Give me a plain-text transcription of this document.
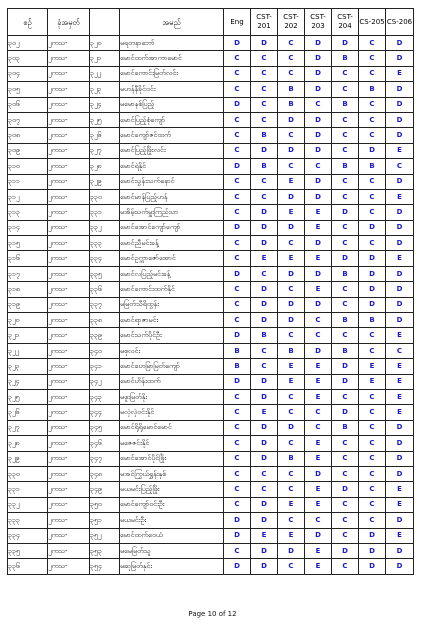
စဥ်	ခုံအမှတ်		အမည်	Eng	CST-201	CST-202	CST-203	CST-204	CS-205	CS-206
၃၀၂	၂ကသ-	၃၂၀	မရတနာဘော်	D	D	C	D	D	C	D
၃၀၃	၂ကသ-	၃၂၁	မောင်ထက်အာကာမောင်	C	C	C	D	B	C	D
၃၀၄	၂ကသ-	၃၂၂	မောင်ကောင်းမြတ်လင်း	C	C	C	D	C	C	E
၃၀၅	၂ကသ-	၃၂၃	မဟန်နီခိုင်ဝင်း	C	C	B	D	C	B	D
၃၀၆	၂ကသ-	၃၂၄	မမောနစ်ပြည့်	D	C	B	C	B	C	D
၃၀၇	၂ကသ-	၃၂၅	မောင်ပြည့်စုံကျော်	C	C	D	D	C	C	D
၃၀၈	၂ကသ-	၃၂၆	မောင်ကျော်ဇင်ထက်	C	B	C	D	C	C	D
၃၀၉	၂ကသ-	၃၂၇	မောင်ပြည့်ဖြိုးလင်း	C	D	D	D	C	D	E
၃၁၀	၂ကသ-	၃၂၈	မောင်ရဲနိုင်	D	B	C	C	B	B	C
၃၁၁	၂ကသ-	၃၂၉	မောင်သွန်းသက်နောင်	C	C	E	D	C	C	D
၃၁၂	၂ကသ-	၃၃၀	မောင်မာန်ပြည့်ဟန်	C	C	D	D	C	C	E
၃၁၃	၂ကသ-	၃၃၁	မအိမ့်သက်မှူးကြည်သာ	C	D	E	E	D	C	D
၃၁၄	၂ကသ-	၃၃၂	မောင်အောင်ကျော်ကျော်	D	D	D	E	C	D	D
၃၁၅	၂ကသ-	၃၃၃	မောင်ညီမင်းခန့်	C	D	C	D	C	C	D
၃၁၆	၂ကသ-	၃၃၄	မောင်ဥက္ကာဇော်အောင်	C	E	E	E	D	D	E
၃၁၇	၂ကသ-	၃၃၅	မောင်လပြည့်မင်းခန့်	D	C	D	D	B	D	D
၃၁၈	၂ကသ-	၃၃၆	မောင်ကောင်းထက်နိုင်	C	D	C	E	C	D	D
၃၁၉	၂ကသ-	၃၃၇	မမြတ်သီရိထွန်း	C	D	D	D	C	D	D
၃၂၀	၂ကသ-	၃၃၈	မောင်ရာဇာမင်း	C	D	D	C	B	B	D
၃၂၁	၂ကသ-	၃၃၉	မောင်သက်ပိုင်ဦး	D	B	C	C	C	C	E
၃၂၂	၂ကသ-	၃၄၀	မစုလင်း	B	C	B	D	B	C	C
၃၂၃	၂ကသ-	၃၄၁	မောင်ဟေမြာမြတ်ကျော်	B	C	E	E	D	E	E
၃၂၄	၂ကသ-	၃၄၂	မောင်ဟိန်းထက်	D	D	E	E	D	E	E
၃၂၅	၂ကသ-	၃၄၃	မဖူးမြတ်နိုး	C	D	C	E	C	C	E
၃၂၆	၂ကသ-	၃၄၄	မလှဲလှဲဝင်းနိုင်	C	E	C	C	D	C	E
၃၂၇	၂ကသ-	၃၄၅	မောင်ရိုရိုမောင်မောင်	C	D	D	C	B	C	D
၃၂၈	၂ကသ-	၃၄၆	မဇေဇင်းနိုင်	C	D	C	E	C	C	D
၃၂၉	၂ကသ-	၃၄၇	မောင်အောင်ပိုင်ဖြိုး	C	D	B	E	C	C	D
၃၃၀	၂ကသ-	၃၄၈	မအင်ကြွယ်ရွှန်းနှစ်	C	C	C	D	C	C	D
၃၃၁	၂ကသ-	၃၄၉	မယမင်းပြည့်ဖြိုး	C	C	C	E	D	C	E
၃၃၂	၂ကသ-	၃၅၀	မောင်ကျော်ဝင်းဦး	C	D	E	E	C	C	E
၃၃၃	၂ကသ-	၃၅၁	မယမင်းဦး	D	D	C	C	C	C	D
၃၃၄	၂ကသ-	၃၅၂	မောင်ထက်ဝေယံ	D	E	E	D	C	D	E
၃၃၅	၂ကသ-	၃၅၃	မမေမြတ်သူ	C	D	D	E	D	D	D
၃၃၆	၂ကသ-	၃၅၄	မဆုမြတ်နှင်း	D	D	C	E	C	D	D
Page 10 of 12
